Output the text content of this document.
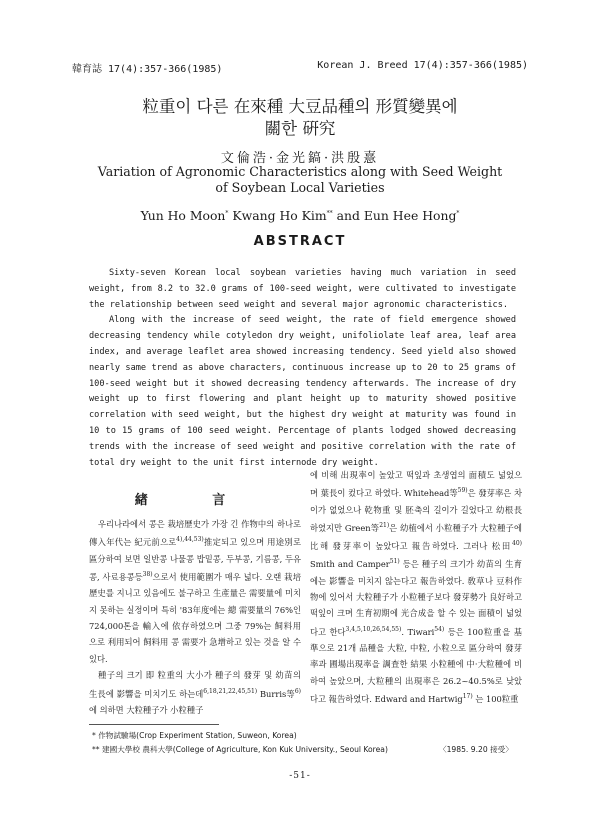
韓育誌 17(4):357-366(1985)	Korean J. Breed 17(4):357-366(1985)
粒重이 다른 在來種 大豆品種의 形質變異에
關한 硏究
文倫浩·金光鎬·洪殷憙
Variation of Agronomic Characteristics along with Seed Weight
of Soybean Local Varieties
Yun Ho Moon* Kwang Ho Kim** and Eun Hee Hong*
ABSTRACT

Sixty-seven Korean local soybean varieties having much variation in seed weight, from 8.2 to 32.0 grams of 100-seed weight, were cultivated to investigate the relationship between seed weight and several major agronomic characteristics.

Along with the increase of seed weight, the rate of field emergence showed decreasing tendency while cotyledon dry weight, unifoliolate leaf area, leaf area index, and average leaflet area showed increasing tendency. Seed yield also showed nearly same trend as above characters, continuous increase up to 20 to 25 grams of 100-seed weight but it showed decreasing tendency afterwards. The increase of dry weight up to first flowering and plant height up to maturity showed positive correlation with seed weight, but the highest dry weight at maturity was found in 10 to 15 grams of 100 seed weight. Percentage of plants lodged showed decreasing trends with the increase of seed weight and positive correlation with the rate of total dry weight to the unit first internode dry weight.

緖 言

우리나라에서 콩은 栽培歷史가 가장 긴 作物中의 하나로 傳入年代는 紀元前으로$^{4),44,53)}$推定되고 있으며 用途別로 區分하여 보면 일반콩 나물콩 밥밑콩, 두부콩, 기름콩, 두유콩, 사료용콩등$^{38)}$으로서 使用範圍가 매우 넓다. 오랜 栽培歷史를 지니고 있음에도 불구하고 生產量은 需要量에 미치지 못하는 실정이며 특히 '83年度에는 總 需要量의 76%인 724,000톤을 輸入에 依存하였으며 그중 79%는 飼料用으로 利用되어 飼料用 콩 需要가 急增하고 있는 것을 알 수 있다.

種子의 크기 即 粒重의 大小가 種子의 發芽 및 幼苗의 生長에 影響을 미치기도 하는데$^{6,18,21,22,45,51)}$ Burris等$^{6)}$에 의하면 大粒種子가 小粒種子

에 비해 出現率이 높았고 떡잎과 초생엽의 面積도 넓었으며 葉長이 컸다고 하였다. Whitehead等$^{59)}$은 發芽率은 차이가 없었으나 乾物重 및 胚축의 길이가 길었다고 幼根長 하였지만 Green等$^{21)}$은 幼植에서 小粒種子가 大粒種子에 比해 發芽率이 높았다고 報告하였다. 그러나 松田$^{40)}$ Smith and Camper$^{51)}$ 등은 種子의 크기가 幼苗의 生育에는 影響을 미치지 않는다고 報告하였다. 敎草나 豆科作物에 있어서 大粒種子가 小粒種子보다 發芽勢가 良好하고 떡잎이 크며 生育初期에 光合成을 할 수 있는 面積이 넓었다고 한다$^{3,4,5,10,26,54,55)}$. Tiwari$^{54)}$ 등은 100粒重을 基準으로 21개 品種을 大粒, 中粒, 小粒으로 區分하여 發芽率과 圃場出現率을 調査한 結果 小粒種에 中·大粒種에 비하여 높았으며, 大粒種의 出現率은 26.2~40.5%로 낮았다고 報告하였다. Edward and Hartwig$^{17)}$ 는 100粒重

* 作物試驗場(Crop Experiment Station, Suweon, Korea)
** 建國大學校 農科大學(College of Agriculture, Kon Kuk University., Seoul Korea)	〈1985. 9.20 接受〉
-51-
